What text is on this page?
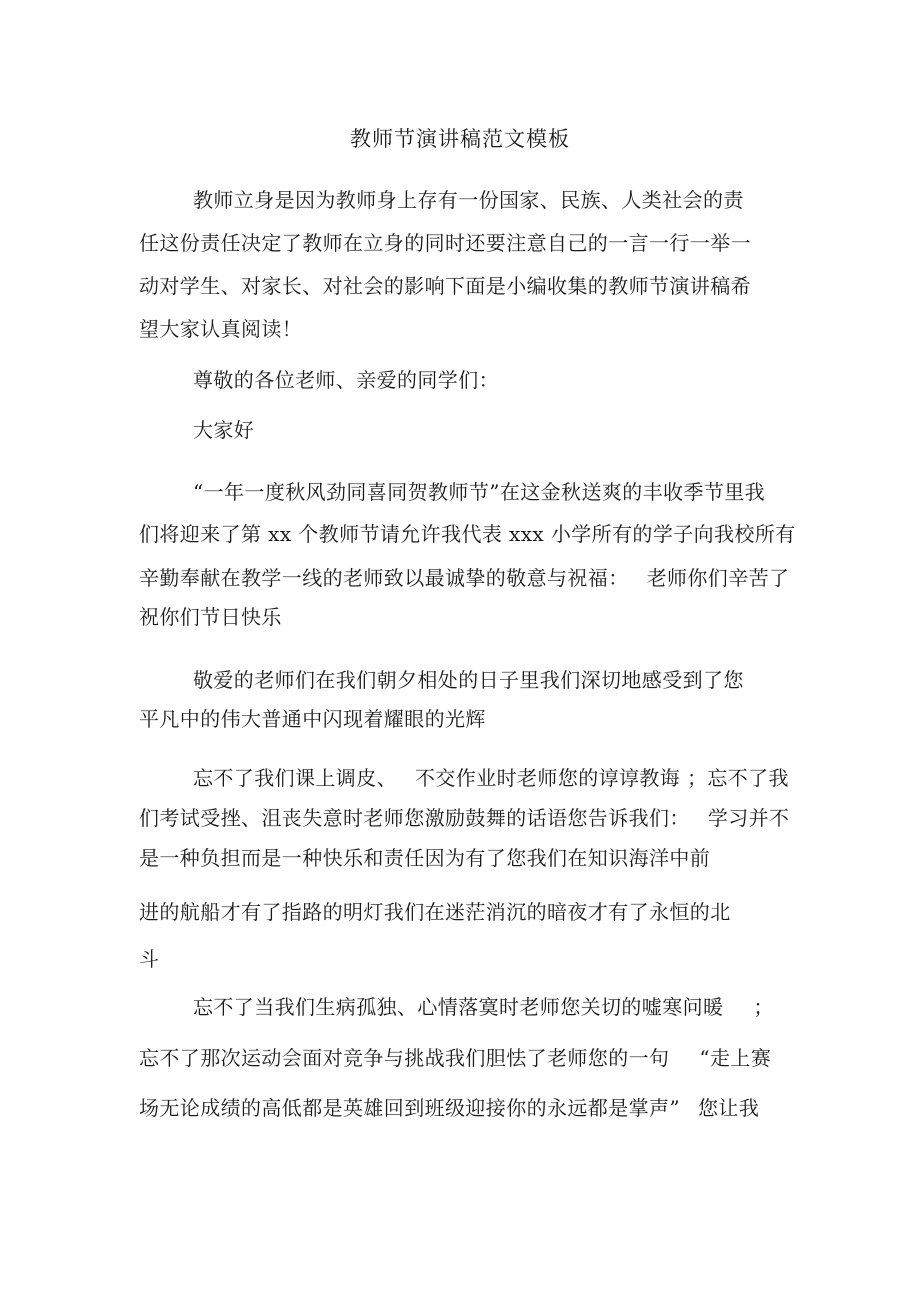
教师节演讲稿范文模板
教师立身是因为教师身上存有一份国家、民族、人类社会的责
任这份责任决定了教师在立身的同时还要注意自己的一言一行一举一
动对学生、对家长、对社会的影响下面是小编收集的教师节演讲稿希
望大家认真阅读！
尊敬的各位老师、亲爱的同学们：
大家好
“一年一度秋风劲同喜同贺教师节”在这金秋送爽的丰收季节里我
们将迎来了第 xx 个教师节请允许我代表 xxx 小学所有的学子向我校所有
辛勤奉献在教学一线的老师致以最诚挚的敬意与祝福： 老师你们辛苦了
祝你们节日快乐
敬爱的老师们在我们朝夕相处的日子里我们深切地感受到了您
平凡中的伟大普通中闪现着耀眼的光辉
忘不了我们课上调皮、 不交作业时老师您的谆谆教诲 ；忘不了我
们考试受挫、沮丧失意时老师您激励鼓舞的话语您告诉我们： 学习并不
是一种负担而是一种快乐和责任因为有了您我们在知识海洋中前
进的航船才有了指路的明灯我们在迷茫消沉的暗夜才有了永恒的北
斗
忘不了当我们生病孤独、心情落寞时老师您关切的嘘寒问暖 ；
忘不了那次运动会面对竞争与挑战我们胆怯了老师您的一句 “走上赛
场无论成绩的高低都是英雄回到班级迎接你的永远都是掌声” 您让我
